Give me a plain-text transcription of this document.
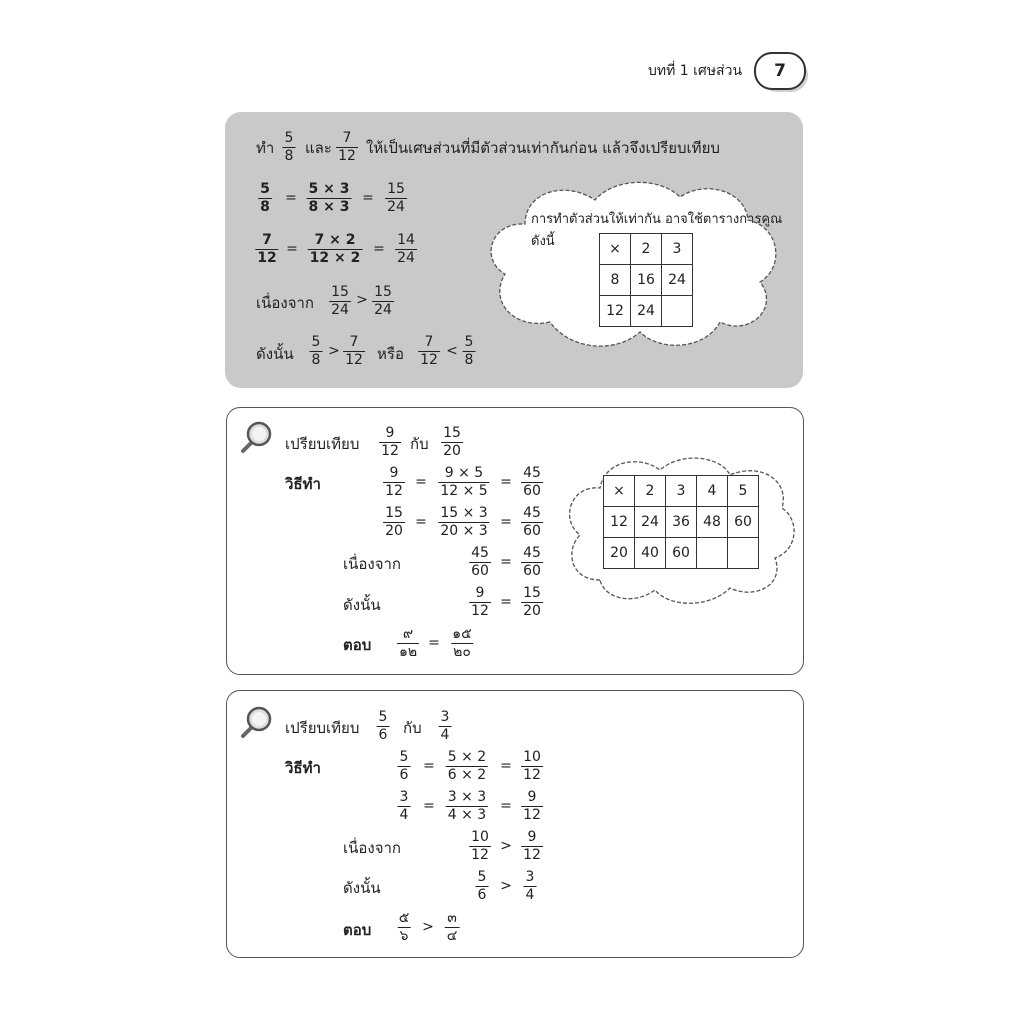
บทที่ 1 เศษส่วน	7
ทำ $\frac{5}{8}$ และ $\frac{7}{12}$ ให้เป็นเศษส่วนที่มีตัวส่วนเท่ากันก่อน แล้วจึงเปรียบเทียบ
$\frac{5}{8} = \frac{5 \times 3}{8 \times 3} = \frac{15}{24}$
$\frac{7}{12} = \frac{7 \times 2}{12 \times 2} = \frac{14}{24}$
เนื่องจาก $\frac{15}{24} > \frac{15}{24}$
ดังนั้น $\frac{5}{8} > \frac{7}{12}$ หรือ $\frac{7}{12} < \frac{5}{8}$
การทำตัวส่วนให้เท่ากัน อาจใช้ตารางการคูณ
ดังนี้	×	2	3
8	16	24
12	24	
เปรียบเทียบ $\frac{9}{12}$ กับ $\frac{15}{20}$
วิธีทำ	$\frac{9}{12} = \frac{9 \times 5}{12 \times 5} = \frac{45}{60}$
$\frac{15}{20} = \frac{15 \times 3}{20 \times 3} = \frac{45}{60}$
เนื่องจาก	$\frac{45}{60} = \frac{45}{60}$
ดังนั้น	$\frac{9}{12} = \frac{15}{20}$
ตอบ
๙
๑๒
=
๑๕
๒๐
×	2	3	4	5
12	24	36	48	60
20	40	60		
เปรียบเทียบ $\frac{5}{6}$ กับ $\frac{3}{4}$
วิธีทำ	$\frac{5}{6} = \frac{5 \times 2}{6 \times 2} = \frac{10}{12}$
$\frac{3}{4} = \frac{3 \times 3}{4 \times 3} = \frac{9}{12}$
เนื่องจาก	$\frac{10}{12} > \frac{9}{12}$
ดังนั้น	$\frac{5}{6} > \frac{3}{4}$
ตอบ
๕
๖
>
๓
๔
